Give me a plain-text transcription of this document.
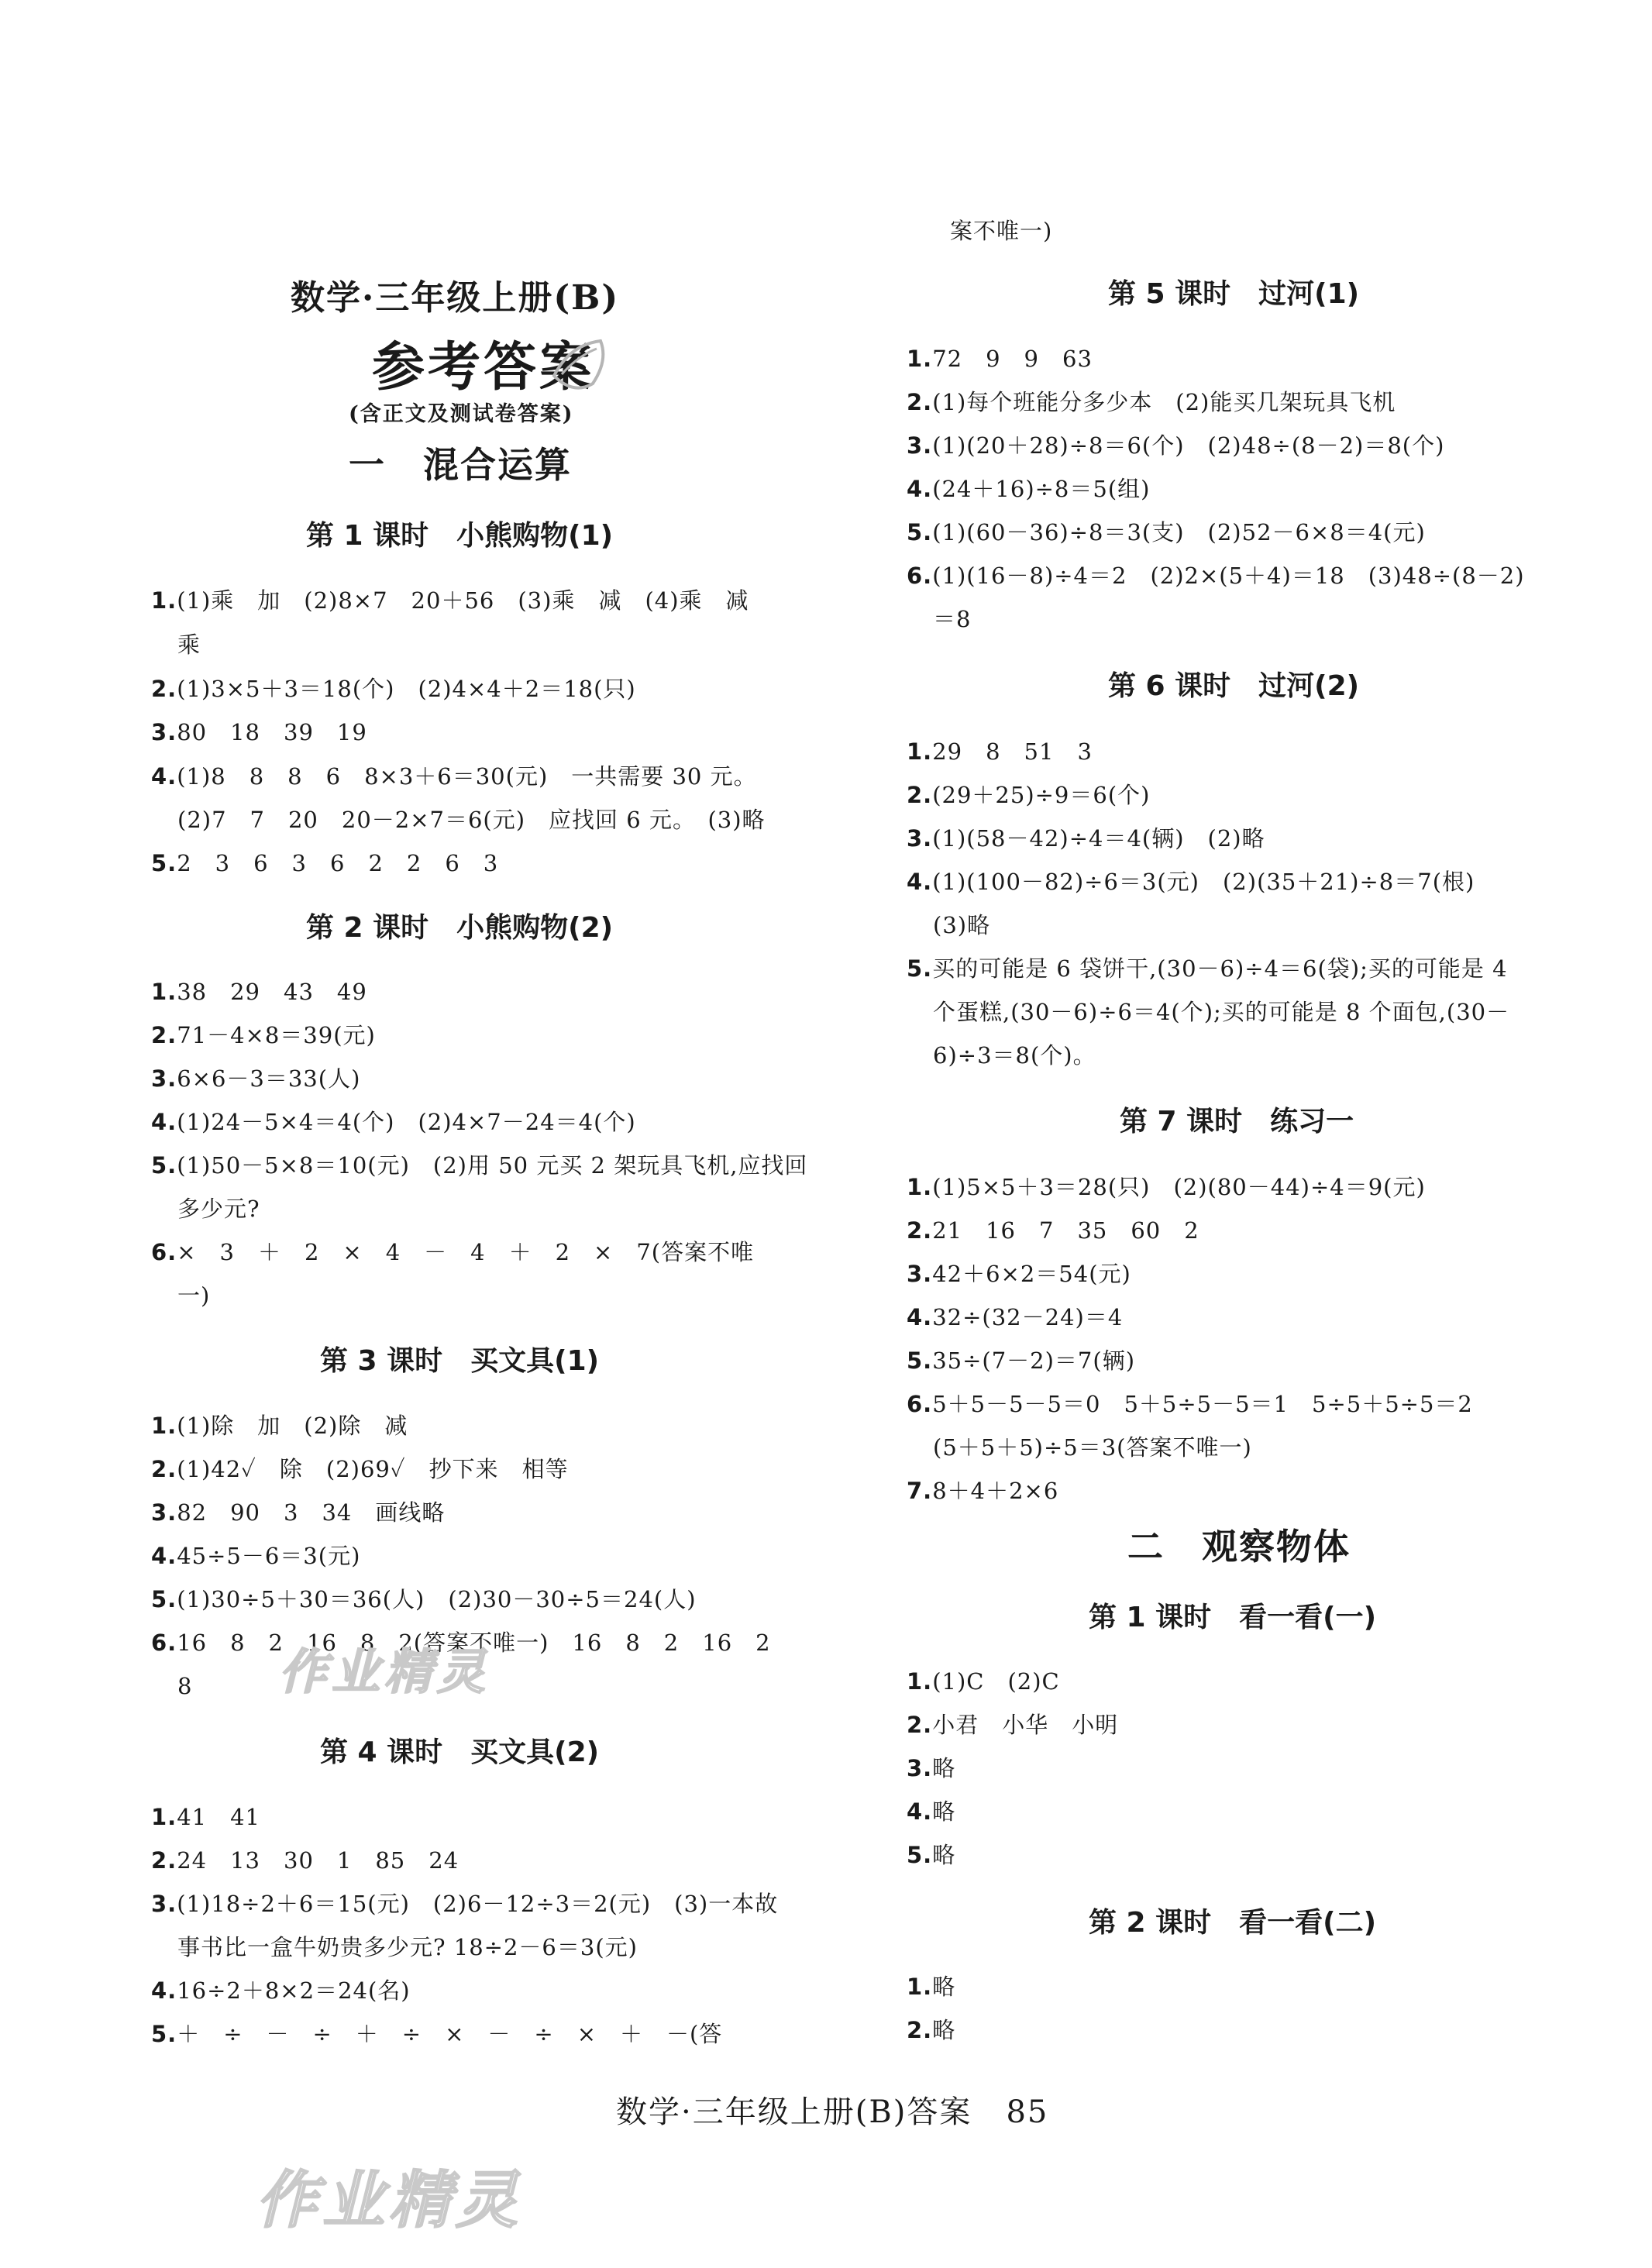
数学·三年级上册(B)
参考答案
(含正文及测试卷答案)
一　混合运算
第 1 课时　小熊购物(1)
1.(1)乘　加　(2)8×7　20＋56　(3)乘　减　(4)乘　减
乘
2.(1)3×5＋3＝18(个)　(2)4×4＋2＝18(只)
3.80　18　39　19
4.(1)8　8　8　6　8×3＋6＝30(元)　一共需要 30 元。
(2)7　7　20　20－2×7＝6(元)　应找回 6 元。　(3)略
5.2　3　6　3　6　2　2　6　3
第 2 课时　小熊购物(2)
1.38　29　43　49
2.71－4×8＝39(元)
3.6×6－3＝33(人)
4.(1)24－5×4＝4(个)　(2)4×7－24＝4(个)
5.(1)50－5×8＝10(元)　(2)用 50 元买 2 架玩具飞机,应找回
多少元?
6.×　3　＋　2　×　4　－　4　＋　2　×　7(答案不唯
一)
第 3 课时　买文具(1)
1.(1)除　加　(2)除　减
2.(1)42✓　除　(2)69✓　抄下来　相等
3.82　90　3　34　画线略
4.45÷5－6＝3(元)
5.(1)30÷5＋30＝36(人)　(2)30－30÷5＝24(人)
6.16　8　2　16　8　2(答案不唯一)　16　8　2　16　2
8
第 4 课时　买文具(2)
1.41　41
2.24　13　30　1　85　24
3.(1)18÷2＋6＝15(元)　(2)6－12÷3＝2(元)　(3)一本故
事书比一盒牛奶贵多少元? 18÷2－6＝3(元)
4.16÷2＋8×2＝24(名)
5.＋　÷　－　÷　＋　÷　×　－　÷　×　＋　－(答
案不唯一)
第 5 课时　过河(1)
1.72　9　9　63
2.(1)每个班能分多少本　(2)能买几架玩具飞机
3.(1)(20＋28)÷8＝6(个)　(2)48÷(8－2)＝8(个)
4.(24＋16)÷8＝5(组)
5.(1)(60－36)÷8＝3(支)　(2)52－6×8＝4(元)
6.(1)(16－8)÷4＝2　(2)2×(5＋4)＝18　(3)48÷(8－2)
＝8
第 6 课时　过河(2)
1.29　8　51　3
2.(29＋25)÷9＝6(个)
3.(1)(58－42)÷4＝4(辆)　(2)略
4.(1)(100－82)÷6＝3(元)　(2)(35＋21)÷8＝7(根)
(3)略
5.买的可能是 6 袋饼干,(30－6)÷4＝6(袋);买的可能是 4
个蛋糕,(30－6)÷6＝4(个);买的可能是 8 个面包,(30－
6)÷3＝8(个)。
第 7 课时　练习一
1.(1)5×5＋3＝28(只)　(2)(80－44)÷4＝9(元)
2.21　16　7　35　60　2
3.42＋6×2＝54(元)
4.32÷(32－24)＝4
5.35÷(7－2)＝7(辆)
6.5＋5－5－5＝0　5＋5÷5－5＝1　5÷5＋5÷5＝2
(5＋5＋5)÷5＝3(答案不唯一)
7.8＋4＋2×6
二　观察物体
第 1 课时　看一看(一)
1.(1)C　(2)C
2.小君　小华　小明
3.略
4.略
5.略
第 2 课时　看一看(二)
1.略
2.略
数学·三年级上册(B)答案 85
作业精灵
作业精灵
